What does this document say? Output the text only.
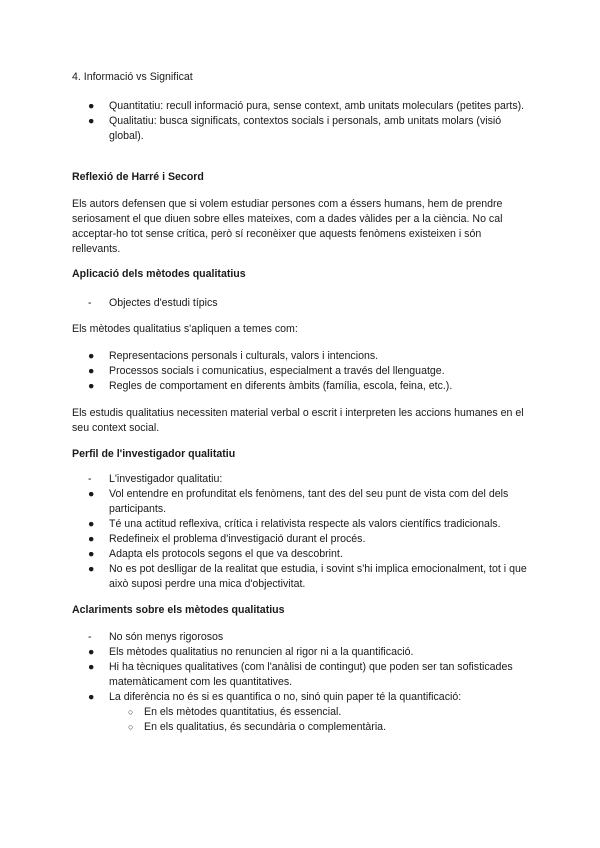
4. Informació vs Significat

● Quantitatiu: recull informació pura, sense context, amb unitats moleculars (petites parts).
● Qualitatiu: busca significats, contextos socials i personals, amb unitats molars (visió global).

Reflexió de Harré i Secord

Els autors defensen que si volem estudiar persones com a éssers humans, hem de prendre seriosament el que diuen sobre elles mateixes, com a dades vàlides per a la ciència. No cal acceptar-ho tot sense crítica, però sí reconèixer que aquests fenòmens existeixen i són rellevants.

Aplicació dels mètodes qualitatius

- Objectes d'estudi típics

Els mètodes qualitatius s'apliquen a temes com:

● Representacions personals i culturals, valors i intencions.
● Processos socials i comunicatius, especialment a través del llenguatge.
● Regles de comportament en diferents àmbits (família, escola, feina, etc.).

Els estudis qualitatius necessiten material verbal o escrit i interpreten les accions humanes en el seu context social.

Perfil de l'investigador qualitatiu

- L'investigador qualitatiu:
● Vol entendre en profunditat els fenòmens, tant des del seu punt de vista com del dels participants.
● Té una actitud reflexiva, crítica i relativista respecte als valors científics tradicionals.
● Redefineix el problema d'investigació durant el procés.
● Adapta els protocols segons el que va descobrint.
● No es pot deslligar de la realitat que estudia, i sovint s'hi implica emocionalment, tot i que això suposi perdre una mica d'objectivitat.

Aclariments sobre els mètodes qualitatius

- No són menys rigorosos
● Els mètodes qualitatius no renuncien al rigor ni a la quantificació.
● Hi ha tècniques qualitatives (com l'anàlisi de contingut) que poden ser tan sofisticades matemàticament com les quantitatives.
● La diferència no és si es quantifica o no, sinó quin paper té la quantificació:
○ En els mètodes quantitatius, és essencial.
○ En els qualitatius, és secundària o complementària.
